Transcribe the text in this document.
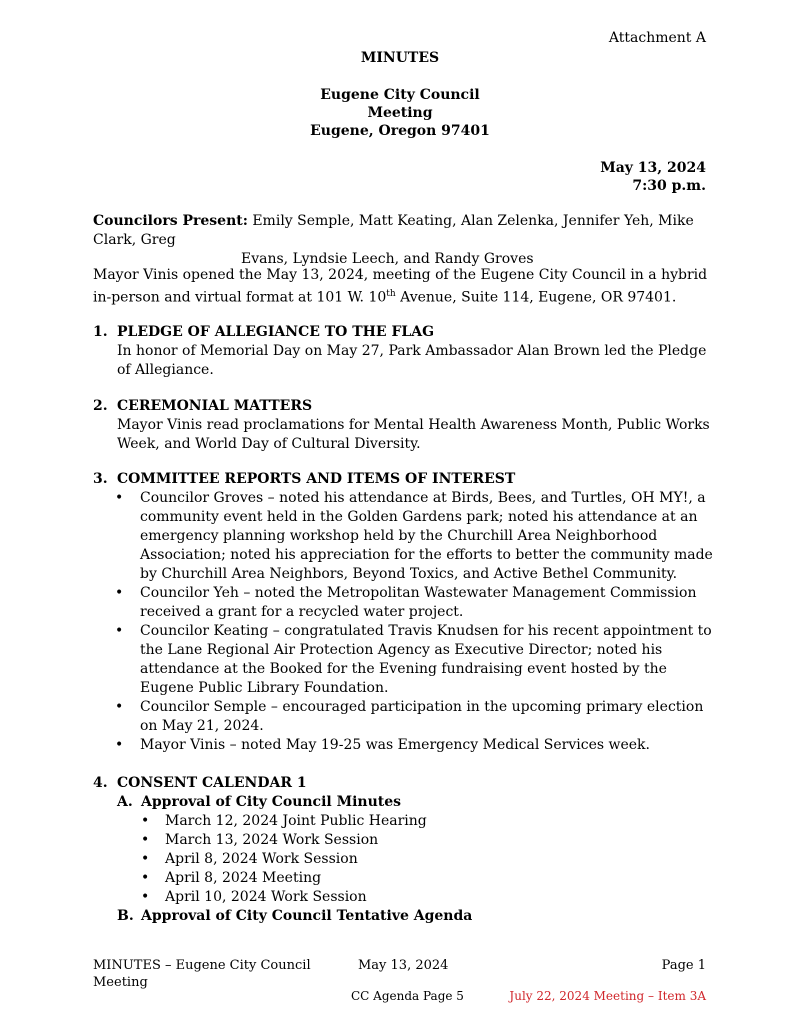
Attachment A

MINUTES

Eugene City Council

Meeting

Eugene, Oregon 97401

May 13, 2024

7:30 p.m.

Councilors Present: Emily Semple, Matt Keating, Alan Zelenka, Jennifer Yeh, Mike Clark, Greg
Evans, Lyndsie Leech, and Randy Groves

Mayor Vinis opened the May 13, 2024, meeting of the Eugene City Council in a hybrid in-person and virtual format at 101 W. 10th Avenue, Suite 114, Eugene, OR 97401.

1. PLEDGE OF ALLEGIANCE TO THE FLAG
In honor of Memorial Day on May 27, Park Ambassador Alan Brown led the Pledge of Allegiance.
2. CEREMONIAL MATTERS
Mayor Vinis read proclamations for Mental Health Awareness Month, Public Works Week, and World Day of Cultural Diversity.
3. COMMITTEE REPORTS AND ITEMS OF INTEREST
• Councilor Groves – noted his attendance at Birds, Bees, and Turtles, OH MY!, a community event held in the Golden Gardens park; noted his attendance at an emergency planning workshop held by the Churchill Area Neighborhood Association; noted his appreciation for the efforts to better the community made by Churchill Area Neighbors, Beyond Toxics, and Active Bethel Community.
• Councilor Yeh – noted the Metropolitan Wastewater Management Commission received a grant for a recycled water project.
• Councilor Keating – congratulated Travis Knudsen for his recent appointment to the Lane Regional Air Protection Agency as Executive Director; noted his attendance at the Booked for the Evening fundraising event hosted by the Eugene Public Library Foundation.
• Councilor Semple – encouraged participation in the upcoming primary election on May 21, 2024.
• Mayor Vinis – noted May 19-25 was Emergency Medical Services week.
4. CONSENT CALENDAR 1
A. Approval of City Council Minutes
• March 12, 2024 Joint Public Hearing
• March 13, 2024 Work Session
• April 8, 2024 Work Session
• April 8, 2024 Meeting
• April 10, 2024 Work Session
B. Approval of City Council Tentative Agenda
MINUTES – Eugene City Council
Meeting
May 13, 2024	Page 1
CC Agenda Page 5	July 22, 2024 Meeting – Item 3A
